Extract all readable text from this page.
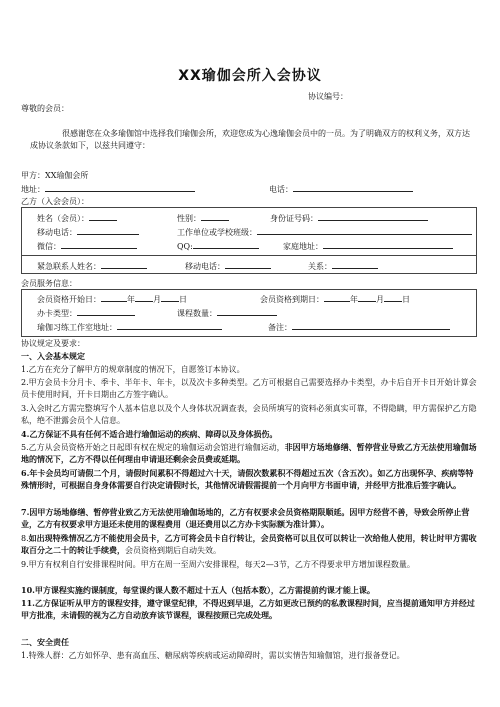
XX瑜伽会所入会协议
协议编号：
尊敬的会员：
很感谢您在众多瑜伽馆中选择我们瑜伽会所，欢迎您成为心逸瑜伽会员中的一员。为了明确双方的权利义务，双方达成协议条款如下，以兹共同遵守：
甲方：XX瑜伽会所
地址：	电话：
乙方（入会会员）：
姓名（会员）：	性别：	身份证号码：
移动电话：	工作单位或学校班级：
微信：	QQ:	家庭地址：
紧急联系人姓名：	移动电话：	关系：
会员服务信息：
会员资格开始日：	年 月 日	会员资格到期日：	年 月 日
办卡类型：	课程数量：
瑜伽习练工作室地址：	备注：
协议规定及要求：
一、入会基本规定
1.乙方在充分了解甲方的规章制度的情况下，自愿签订本协议。
2.甲方会员卡分月卡、季卡、半年卡、年卡，以及次卡多种类型。乙方可根据自己需要选择办卡类型，办卡后自开卡日开始计算会员卡使用时间，开卡日期由乙方签字确认。
3.入会时乙方需完整填写个人基本信息以及个人身体状况调查表，会员所填写的资料必须真实可靠，不得隐瞒，甲方需保护乙方隐私，绝不泄露会员个人信息。
4.乙方保证不具有任何不适合进行瑜伽运动的疾病、障碍以及身体损伤。
5.乙方从会员资格开始之日起即有权在规定的瑜伽运动会馆进行瑜伽运动，非因甲方场地修缮、暂停营业导致乙方无法使用瑜伽场地的情况下，乙方不得以任何理由申请退还剩余会员费或延期。
6.年卡会员均可请假二个月，请假时间累积不得超过六十天，请假次数累积不得超过五次（含五次）。如乙方出现怀孕、疾病等特殊情形时，可根据自身身体需要自行决定请假时长，其他情况请假需提前一个月向甲方书面申请，并经甲方批准后签字确认。
7.因甲方场地修缮、暂停营业致乙方无法使用瑜伽场地的，乙方有权要求会员资格期限顺延。因甲方经营不善，导致会所停止营业，乙方有权要求甲方退还未使用的课程费用（退还费用以乙方办卡实际额为准计算）。
8.如出现特殊情况乙方不能使用会员卡，乙方可将会员卡自行转让，会员资格可以且仅可以转让一次给他人使用，转让时甲方需收取百分之二十的转让手续费，会员资格到期后自动失效。
9.甲方有权利自行安排课程时间。甲方在周一至周六安排课程，每天2—3节，乙方不得要求甲方增加课程数量。
10.甲方课程实施约课制度，每堂课约课人数不超过十五人（包括本数），乙方需提前约课才能上课。
11.乙方保证听从甲方的课程安排，遵守课堂纪律，不得迟到早退，乙方如更改已预约的私教课程时间，应当提前通知甲方并经过甲方批准，未请假的视为乙方自动放弃该节课程，课程按照已完成处理。
二、安全责任
1.特殊人群：乙方如怀孕、患有高血压、糖尿病等疾病或运动障碍时，需以实情告知瑜伽馆，进行报备登记。
